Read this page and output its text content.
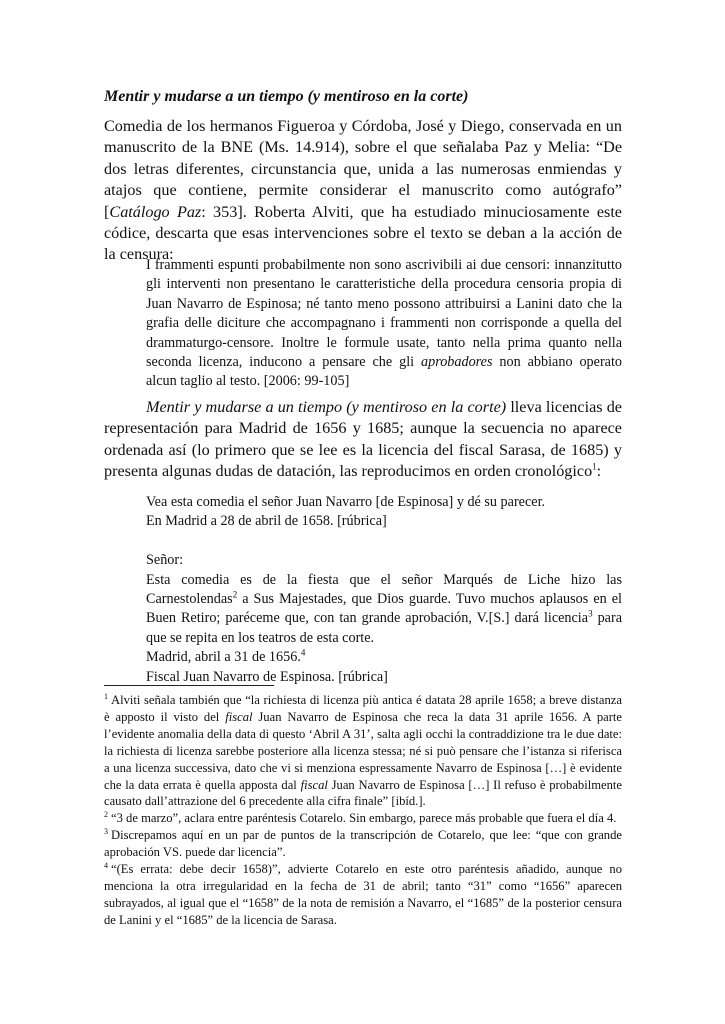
Mentir y mudarse a un tiempo (y mentiroso en la corte)

Comedia de los hermanos Figueroa y Córdoba, José y Diego, conservada en un manuscrito de la BNE (Ms. 14.914), sobre el que señalaba Paz y Melia: “De dos letras diferentes, circunstancia que, unida a las numerosas enmiendas y atajos que contiene, permite considerar el manuscrito como autógrafo” [Catálogo Paz: 353]. Roberta Alviti, que ha estudiado minuciosamente este códice, descarta que esas intervenciones sobre el texto se deban a la acción de la censura:

I frammenti espunti probabilmente non sono ascrivibili ai due censori: innanzitutto gli interventi non presentano le caratteristiche della procedura censoria propia di Juan Navarro de Espinosa; né tanto meno possono attribuirsi a Lanini dato che la grafia delle diciture che accompagnano i frammenti non corrisponde a quella del drammaturgo-censore. Inoltre le formule usate, tanto nella prima quanto nella seconda licenza, inducono a pensare che gli aprobadores non abbiano operato alcun taglio al testo. [2006: 99-105]

Mentir y mudarse a un tiempo (y mentiroso en la corte) lleva licencias de representación para Madrid de 1656 y 1685; aunque la secuencia no aparece ordenada así (lo primero que se lee es la licencia del fiscal Sarasa, de 1685) y presenta algunas dudas de datación, las reproducimos en orden cronológico$^1$:

Vea esta comedia el señor Juan Navarro [de Espinosa] y dé su parecer.

En Madrid a 28 de abril de 1658. [rúbrica]

Señor:

Esta comedia es de la fiesta que el señor Marqués de Liche hizo las Carnestolendas$^2$ a Sus Majestades, que Dios guarde. Tuvo muchos aplausos en el Buen Retiro; paréceme que, con tan grande aprobación, V.[S.] dará licencia$^3$ para que se repita en los teatros de esta corte.

Madrid, abril a 31 de 1656.$^4$

Fiscal Juan Navarro de Espinosa. [rúbrica]

$^1$ Alviti señala también que “la richiesta di licenza più antica é datata 28 aprile 1658; a breve distanza è apposto il visto del fiscal Juan Navarro de Espinosa che reca la data 31 aprile 1656. A parte l’evidente anomalia della data di questo ‘Abril A 31’, salta agli occhi la contraddizione tra le due date: la richiesta di licenza sarebbe posteriore alla licenza stessa; né si può pensare che l’istanza si riferisca a una licenza successiva, dato che vi si menziona espressamente Navarro de Espinosa […] è evidente che la data errata è quella apposta dal fiscal Juan Navarro de Espinosa […] Il refuso è probabilmente causato dall’attrazione del 6 precedente alla cifra finale” [ibíd.].

$^2$ “3 de marzo”, aclara entre paréntesis Cotarelo. Sin embargo, parece más probable que fuera el día 4.

$^3$ Discrepamos aquí en un par de puntos de la transcripción de Cotarelo, que lee: “que con grande aprobación VS. puede dar licencia”.

$^4$ “(Es errata: debe decir 1658)”, advierte Cotarelo en este otro paréntesis añadido, aunque no menciona la otra irregularidad en la fecha de 31 de abril; tanto “31” como “1656” aparecen subrayados, al igual que el “1658” de la nota de remisión a Navarro, el “1685” de la posterior censura de Lanini y el “1685” de la licencia de Sarasa.
